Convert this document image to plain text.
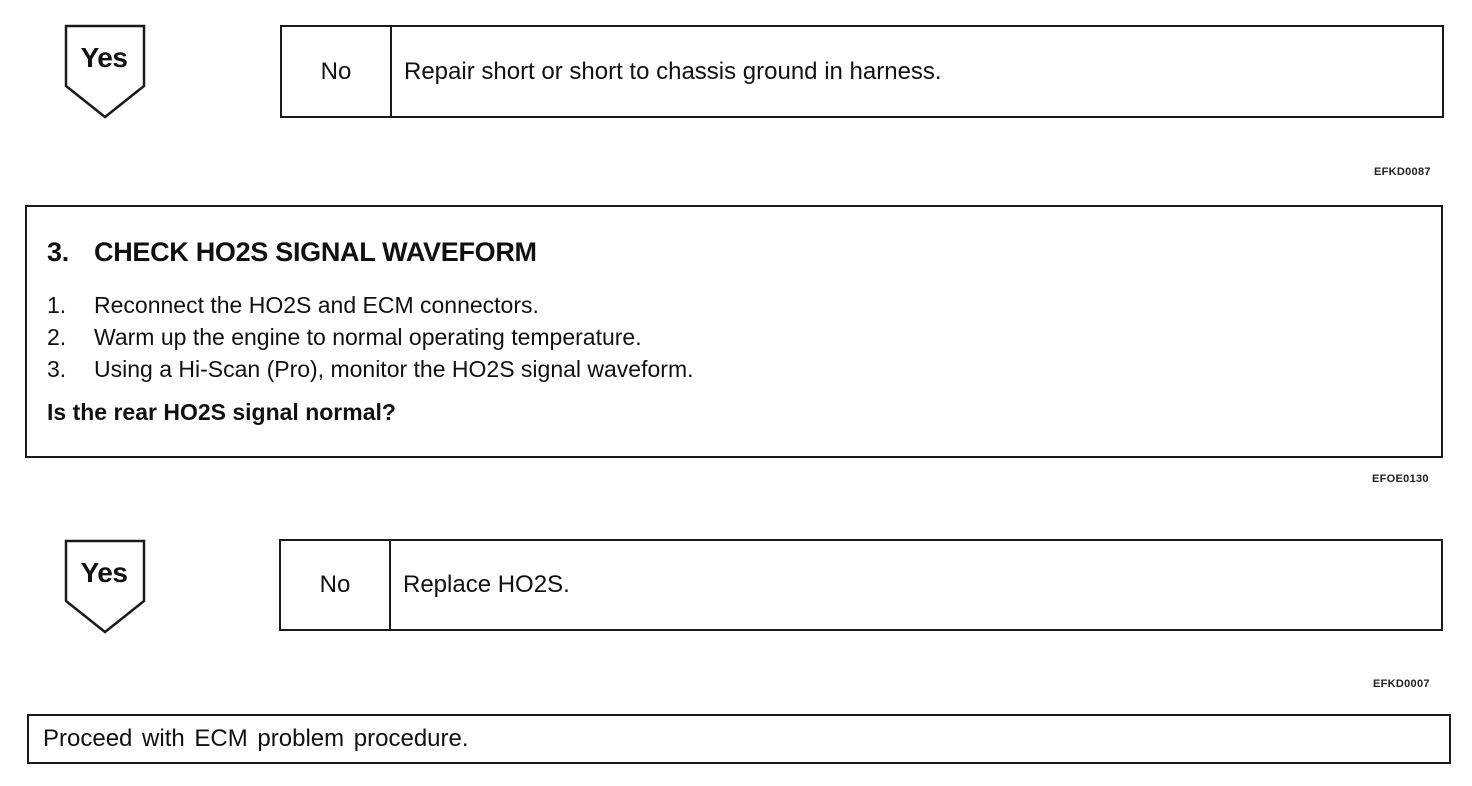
Yes	No	Repair short or short to chassis ground in harness.
EFKD0087
3. CHECK HO2S SIGNAL WAVEFORM
1. Reconnect the HO2S and ECM connectors.
2. Warm up the engine to normal operating temperature.
3. Using a Hi-Scan (Pro), monitor the HO2S signal waveform.
Is the rear HO2S signal normal?
EFOE0130
Yes	No	Replace HO2S.
EFKD0007
Proceed with ECM problem procedure.
